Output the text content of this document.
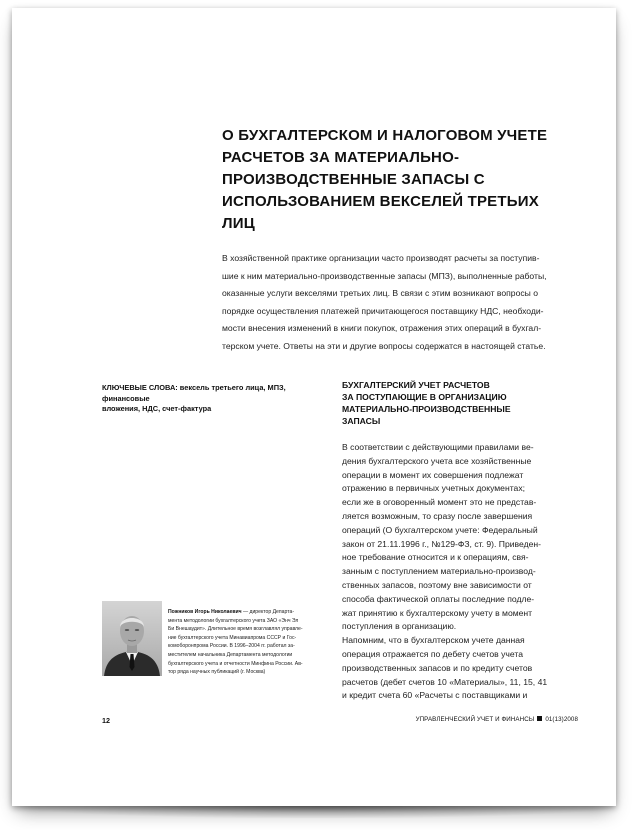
О БУХГАЛТЕРСКОМ И НАЛОГОВОМ УЧЕТЕ
РАСЧЕТОВ ЗА МАТЕРИАЛЬНО-
ПРОИЗВОДСТВЕННЫЕ ЗАПАСЫ С
ИСПОЛЬЗОВАНИЕМ ВЕКСЕЛЕЙ ТРЕТЬИХ ЛИЦ

В хозяйственной практике организации часто производят расчеты за поступив-
шие к ним материально-производственные запасы (МПЗ), выполненные работы,
оказанные услуги векселями третьих лиц. В связи с этим возникают вопросы о
порядке осуществления платежей причитающегося поставщику НДС, необходи-
мости внесения изменений в книги покупок, отражения этих операций в бухгал-
терском учете. Ответы на эти и другие вопросы содержатся в настоящей статье.

КЛЮЧЕВЫЕ СЛОВА: вексель третьего лица, МПЗ, финансовые
вложения, НДС, счет-фактура

БУХГАЛТЕРСКИЙ УЧЕТ РАСЧЕТОВ
ЗА ПОСТУПАЮЩИЕ В ОРГАНИЗАЦИЮ
МАТЕРИАЛЬНО-ПРОИЗВОДСТВЕННЫЕ
ЗАПАСЫ

В соответствии с действующими правилами ве-
дения бухгалтерского учета все хозяйственные
операции в момент их совершения подлежат
отражению в первичных учетных документах;
если же в оговоренный момент это не представ-
ляется возможным, то сразу после завершения
операций (О бухгалтерском учете: Федеральный
закон от 21.11.1996 г., №129-ФЗ, ст. 9). Приведен-
ное требование относится и к операциям, свя-
занным с поступлением материально-производ-
ственных запасов, поэтому вне зависимости от
способа фактической оплаты последние подле-
жат принятию к бухгалтерскому учету в момент
поступления в организацию.
Напомним, что в бухгалтерском учете данная
операция отражается по дебету счетов учета
производственных запасов и по кредиту счетов
расчетов (дебет счетов 10 «Материалы», 11, 15, 41
и кредит счета 60 «Расчеты с поставщиками и

Пожников Игорь Николаевич — директор Департа-
мента методологии бухгалтерского учета ЗАО «Энч Эл
Би Внешаудит». Длительное время возглавлял управле-
ние бухгалтерского учета Минавиапрома СССР и Гос-
комоборонпрома России. В 1996–2004 гг. работал за-
местителем начальника Департамента методологии
бухгалтерского учета и отчетности Минфина России. Ав-
тор ряда научных публикаций (г. Москва)

12	УПРАВЛЕНЧЕСКИЙ УЧЕТ И ФИНАНСЫ 01(13)2008
